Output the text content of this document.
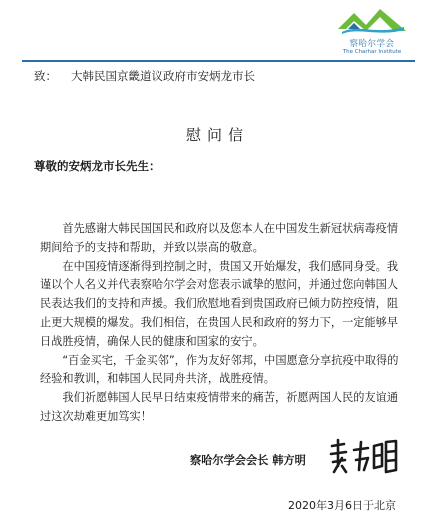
察哈尔学会
The Charhar Institute
致： 大韩民国京畿道议政府市安炳龙市长
慰问信
尊敬的安炳龙市长先生：

首先感谢大韩民国国民和政府以及您本人在中国发生新冠状病毒疫情期间给予的支持和帮助，并致以崇高的敬意。

在中国疫情逐渐得到控制之时，贵国又开始爆发，我们感同身受。我谨以个人名义并代表察哈尔学会对您表示诚挚的慰问，并通过您向韩国人民表达我们的支持和声援。我们欣慰地看到贵国政府已倾力防控疫情，阻止更大规模的爆发。我们相信，在贵国人民和政府的努力下，一定能够早日战胜疫情，确保人民的健康和国家的安宁。

“百金买宅，千金买邻”，作为友好邻邦，中国愿意分享抗疫中取得的经验和教训，和韩国人民同舟共济，战胜疫情。

我们祈愿韩国人民早日结束疫情带来的痛苦，祈愿两国人民的友谊通过这次劫难更加笃实！

察哈尔学会会长 韩方明
2020年3月6日于北京
